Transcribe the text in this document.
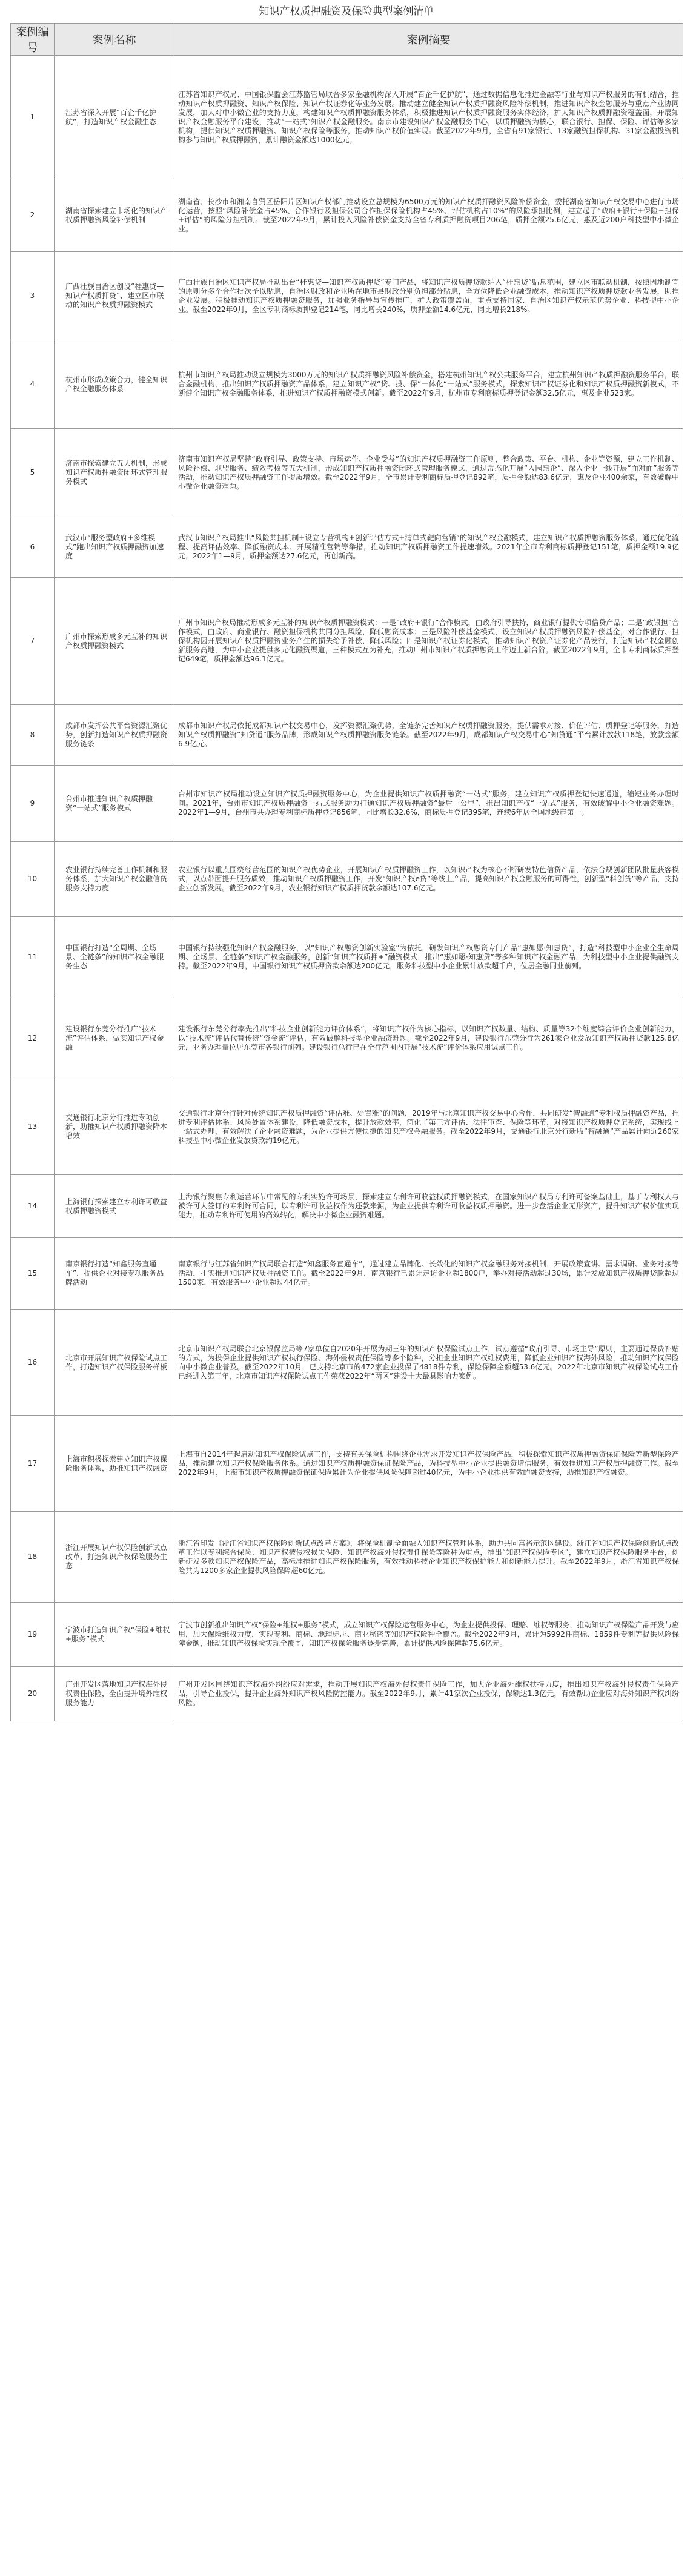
知识产权质押融资及保险典型案例清单
案例编号	案例名称	案例摘要
1	江苏省深入开展“百企千亿护航”，打造知识产权金融生态	江苏省知识产权局、中国银保监会江苏监管局联合多家金融机构深入开展“百企千亿护航”，通过数据信息化推进金融等行业与知识产权服务的有机结合，推动知识产权质押融资、知识产权保险、知识产权证券化等业务发展。推动建立健全知识产权质押融资风险补偿机制，推进知识产权金融服务与重点产业协同发展，加大对中小微企业的支持力度，构建知识产权质押融资服务体系，积极推进知识产权质押融资服务实体经济，扩大知识产权质押融资覆盖面，开展知识产权金融服务平台建设，推动“一站式”知识产权金融服务。南京市建设知识产权金融服务中心，以质押融资为核心，联合银行、担保、保险、评估等多家机构，提供知识产权质押融资、知识产权保险等服务，推动知识产权价值实现。截至2022年9月，全省有91家银行、13家融资担保机构、31家金融投资机构参与知识产权质押融资，累计融资金额达1000亿元。
2	湖南省探索建立市场化的知识产权质押融资风险补偿机制	湖南省、长沙市和湘南自贸区岳阳片区知识产权部门推动设立总规模为6500万元的知识产权质押融资风险补偿资金，委托湖南省知识产权交易中心进行市场化运营，按照“风险补偿金占45%、合作银行及担保公司合作担保保险机构占45%、评估机构占10%”的风险承担比例，建立起了“政府+银行+保险+担保+评估”的风险分担机制。截至2022年9月，累计投入风险补偿资金支持全省专利质押融资项目206笔，质押金额25.6亿元，惠及近200户科技型中小微企业。
3	广西壮族自治区创设“桂惠贷—知识产权质押贷”，建立区市联动的知识产权质押融资模式	广西壮族自治区知识产权局推动出台“桂惠贷—知识产权质押贷”专门产品，将知识产权质押贷款纳入“桂惠贷”贴息范围，建立区市联动机制，按照因地制宜的原则分多个合作批次予以贴息，自治区财政和企业所在地市县财政分别负担部分贴息，全方位降低企业融资成本，推动知识产权质押贷款业务发展，助推企业发展。积极推动知识产权质押融资服务，加强业务指导与宣传推广，扩大政策覆盖面，重点支持国家、自治区知识产权示范优势企业、科技型中小企业。截至2022年9月，全区专利商标质押登记214笔，同比增长240%，质押金额14.6亿元，同比增长218%。
4	杭州市形成政策合力，健全知识产权金融服务体系	杭州市知识产权局推动设立规模为3000万元的知识产权质押融资风险补偿资金，搭建杭州知识产权公共服务平台，建立杭州知识产权质押融资服务平台，联合金融机构，推出知识产权质押融资产品体系，建立知识产权“贷、投、保”一体化“一站式”服务模式，探索知识产权证券化和知识产权质押融资新模式，不断健全知识产权金融服务体系，推进知识产权质押融资模式创新。截至2022年9月，杭州市专利商标质押登记金额32.5亿元，惠及企业523家。
5	济南市探索建立五大机制，形成知识产权质押融资闭环式管理服务模式	济南市知识产权局坚持“政府引导、政策支持、市场运作、企业受益”的知识产权质押融资工作原则，整合政策、平台、机构、企业等资源，建立工作机制、风险补偿、联盟服务、绩效考核等五大机制，形成知识产权质押融资闭环式管理服务模式，通过常态化开展“入园惠企”、深入企业一线开展“面对面”服务等活动，推动知识产权质押融资工作提质增效。截至2022年9月，全市累计专利商标质押登记892笔，质押金额达83.6亿元，惠及企业400余家，有效破解中小微企业融资难题。
6	武汉市“服务型政府+多维模式”跑出知识产权质押融资加速度	武汉市知识产权局推出“风险共担机制+设立专营机构+创新评估方式+清单式靶向营销”的知识产权金融模式，建立知识产权质押融资服务体系，通过优化流程、提高评估效率、降低融资成本、开展精准营销等举措，推动知识产权质押融资工作提速增效。2021年全市专利商标质押登记151笔，质押金额19.9亿元，2022年1—9月，质押金额达27.6亿元，再创新高。
7	广州市探索形成多元互补的知识产权质押融资模式	广州市知识产权局推动形成多元互补的知识产权质押融资模式：一是“政府+银行”合作模式，由政府引导扶持，商业银行提供专项信贷产品；二是“政银担”合作模式，由政府、商业银行、融资担保机构共同分担风险，降低融资成本；三是风险补偿基金模式，设立知识产权质押融资风险补偿基金，对合作银行、担保机构因开展知识产权质押融资业务产生的损失给予补偿，降低风险；四是知识产权证券化模式，推动知识产权资产证券化产品发行，打造知识产权金融创新服务高地，为中小企业提供多元化融资渠道，三种模式互为补充，推动广州市知识产权质押融资工作迈上新台阶。截至2022年9月，全市专利商标质押登记649笔，质押金额达96.1亿元。
8	成都市发挥公共平台资源汇聚优势，创新打造知识产权质押融资服务链条	成都市知识产权局依托成都知识产权交易中心，发挥资源汇聚优势，全链条完善知识产权质押融资服务，提供需求对接、价值评估、质押登记等服务，打造知识产权质押融资“知贷通”服务品牌，形成知识产权质押融资服务链条。截至2022年9月，成都知识产权交易中心“知贷通”平台累计放款118笔，放款金额6.9亿元。
9	台州市推进知识产权质押融资“一站式”服务模式	台州市知识产权局推动设立知识产权质押融资服务中心，为企业提供知识产权质押融资“一站式”服务；建立知识产权质押登记快速通道，缩短业务办理时间。2021年，台州市知识产权质押融资一站式服务助力打通知识产权质押融资“最后一公里”，推出知识产权“一站式”服务，有效破解中小企业融资难题。2022年1—9月，台州市共办理专利商标质押登记856笔，同比增长32.6%，商标质押登记395笔，连续6年居全国地级市第一。
10	农业银行持续完善工作机制和服务体系，加大知识产权金融信贷服务支持力度	农业银行以重点围绕经营范围的知识产权优势企业，开展知识产权质押融资工作，以知识产权为核心不断研发特色信贷产品，依法合规创新团队批量获客模式，以点带面提升服务质效，推动知识产权质押融资工作，开发“知识产权e贷”等线上产品，提高知识产权金融服务的可得性，创新型“科创贷”等产品，支持企业创新发展。截至2022年9月，农业银行知识产权质押贷款余额达107.6亿元。
11	中国银行打造“全周期、全场景、全链条”的知识产权金融服务生态	中国银行持续强化知识产权金融服务，以“知识产权融资创新实验室”为依托，研发知识产权融资专门产品“惠如愿·知惠贷”，打造“科技型中小企业全生命周期、全场景、全链条”知识产权金融服务，创新“知识产权质押+”融资模式，推出“惠如愿·知惠贷”等多种知识产权金融产品，为科技型中小企业提供融资支持。截至2022年9月，中国银行知识产权质押贷款余额达200亿元，服务科技型中小企业累计放款超千户，位居金融同业前列。
12	建设银行东莞分行推广“技术流”评估体系，做实知识产权金融	建设银行东莞分行率先推出“科技企业创新能力评价体系”，将知识产权作为核心指标，以知识产权数量、结构、质量等32个维度综合评价企业创新能力，以“技术流”评估代替传统“资金流”评估，有效破解科技型企业融资难题。截至2022年9月，建设银行东莞分行为261家企业发放知识产权质押贷款125.8亿元，业务办理量位居东莞市各银行前列。建设银行总行已在全行范围内开展“技术流”评价体系应用试点工作。
13	交通银行北京分行推进专项创新，助推知识产权质押融资降本增效	交通银行北京分行针对传统知识产权质押融资“评估难、处置难”的问题，2019年与北京知识产权交易中心合作，共同研发“智融通”专利权质押融资产品，推进专利评估体系、风险处置体系建设，降低融资成本，提升放款效率，简化了第三方评估、法律审查、保险等环节，对接知识产权质押登记系统，实现线上一站式办理，有效解决了企业融资难题，为企业提供方便快捷的知识产权金融服务。截至2022年9月，交通银行北京分行新版“智融通”产品累计向近260家科技型中小微企业发放贷款约19亿元。
14	上海银行探索建立专利许可收益权质押融资模式	上海银行聚焦专利运营环节中常见的专利实施许可场景，探索建立专利许可收益权质押融资模式，在国家知识产权局专利许可备案基础上，基于专利权人与被许可人签订的专利许可合同，以专利许可收益权作为还款来源，为企业提供专利许可收益权质押融资。进一步盘活企业无形资产，提升知识产权价值实现能力，推动专利许可使用的高效转化，解决中小微企业融资难题。
15	南京银行打造“知鑫服务直通车”，提供企业对接专项服务品牌活动	南京银行与江苏省知识产权局联合打造“知鑫服务直通车”，通过建立品牌化、长效化的知识产权金融服务对接机制，开展政策宣讲、需求调研、业务对接等活动，扎实推进知识产权质押融资工作。截至2022年9月，南京银行已累计走访企业超1800户，举办对接活动超过30场，累计发放知识产权质押贷款超过1500家，有效服务中小企业超过44亿元。
16	北京市开展知识产权保险试点工作，打造知识产权保险服务样板	北京市知识产权局联合北京银保监局等7家单位自2020年开展为期三年的知识产权保险试点工作，试点遵循“政府引导、市场主导”原则，主要通过保费补贴的方式，为投保企业提供知识产权执行保险、海外侵权责任保险等多个险种，分担企业知识产权维权费用，降低企业知识产权海外风险，推动知识产权保险向中小微企业普及。截至2022年10月，已支持北京市的472家企业投保了4818件专利，保险保障金额超53.6亿元。2022年北京市知识产权保险试点工作已经进入第三年，北京市知识产权保险试点工作荣获2022年“两区”建设十大最具影响力案例。
17	上海市积极探索建立知识产权保险服务体系，助推知识产权融资	上海市自2014年起启动知识产权保险试点工作，支持有关保险机构围绕企业需求开发知识产权保险产品，积极探索知识产权质押融资保证保险等新型保险产品，推动建立知识产权保险服务体系。通过知识产权质押融资保证保险产品，为科技型中小企业提供融资增信服务，有效推进知识产权质押融资工作。截至2022年9月，上海市知识产权质押融资保证保险累计为企业提供风险保障超过40亿元，为中小企业提供有效的融资支持，助推知识产权融资。
18	浙江开展知识产权保险创新试点改革，打造知识产权保险服务生态	浙江省印发《浙江省知识产权保险创新试点改革方案》，将保险机制全面融入知识产权管理体系，助力共同富裕示范区建设。浙江省知识产权保险创新试点改革工作以专利综合保险、知识产权被侵权损失保险、知识产权海外侵权责任保险等险种为重点，推出“知识产权保险专区”，建立知识产权保险服务平台，创新研发多款知识产权保险产品，高标准推进知识产权保险服务，有效推动科技企业知识产权保护能力和创新能力提升。截至2022年9月，浙江省知识产权保险共为1200多家企业提供风险保障超60亿元。
19	宁波市打造知识产权“保险+维权+服务”模式	宁波市创新推出知识产权“保险+维权+服务”模式，成立知识产权保险运营服务中心，为企业提供投保、理赔、维权等服务，推动知识产权保险产品开发与应用，加大保险维权力度，实现专利、商标、地理标志、商业秘密等知识产权险种全覆盖。截至2022年9月，累计为5992件商标、1859件专利等提供风险保障金额，推动知识产权保险实现全覆盖，知识产权保险服务逐步完善，累计提供风险保障超75.6亿元。
20	广州开发区落地知识产权海外侵权责任保险，全面提升境外维权服务能力	广州开发区围绕知识产权海外纠纷应对需求，推动开展知识产权海外侵权责任保险工作，加大企业海外维权扶持力度，推出知识产权海外侵权责任保险产品，引导企业投保，提升企业海外知识产权风险防控能力。截至2022年9月，累计41家次企业投保，保额达1.3亿元，有效帮助企业应对海外知识产权纠纷风险。
